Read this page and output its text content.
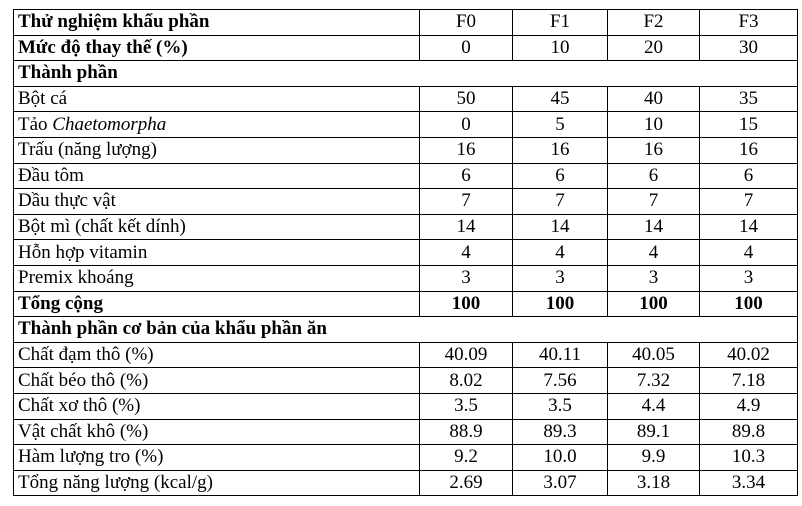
Thử nghiệm khẩu phần	F0	F1	F2	F3
Mức độ thay thế (%)	0	10	20	30
Thành phần				
Bột cá	50	45	40	35
Tảo Chaetomorpha	0	5	10	15
Trấu (năng lượng)	16	16	16	16
Đầu tôm	6	6	6	6
Dầu thực vật	7	7	7	7
Bột mì (chất kết dính)	14	14	14	14
Hỗn hợp vitamin	4	4	4	4
Premix khoáng	3	3	3	3
Tổng cộng	100	100	100	100
Thành phần cơ bản của khẩu phần ăn				
Chất đạm thô (%)	40.09	40.11	40.05	40.02
Chất béo thô (%)	8.02	7.56	7.32	7.18
Chất xơ thô (%)	3.5	3.5	4.4	4.9
Vật chất khô (%)	88.9	89.3	89.1	89.8
Hàm lượng tro (%)	9.2	10.0	9.9	10.3
Tổng năng lượng (kcal/g)	2.69	3.07	3.18	3.34
